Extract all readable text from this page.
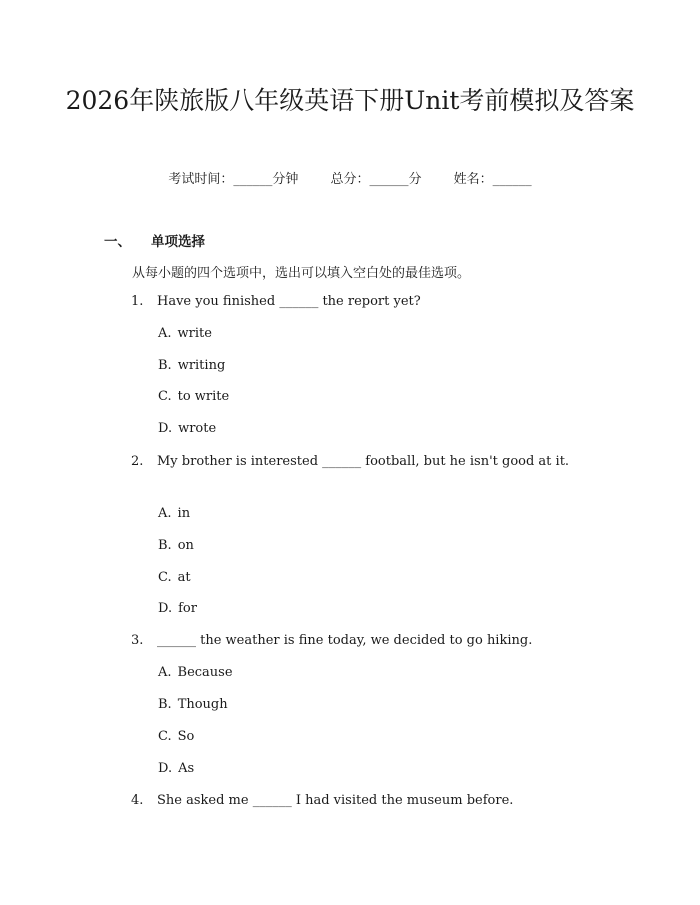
2026年陕旅版八年级英语下册Unit考前模拟及答案
考试时间：______分钟 总分：______分 姓名：______
一、 单项选择
从每小题的四个选项中，选出可以填入空白处的最佳选项。
1. Have you finished ______ the report yet?
A. write
B. writing
C. to write
D. wrote
2. My brother is interested ______ football, but he isn't good at it.
A. in
B. on
C. at
D. for
3. ______ the weather is fine today, we decided to go hiking.
A. Because
B. Though
C. So
D. As
4. She asked me ______ I had visited the museum before.
